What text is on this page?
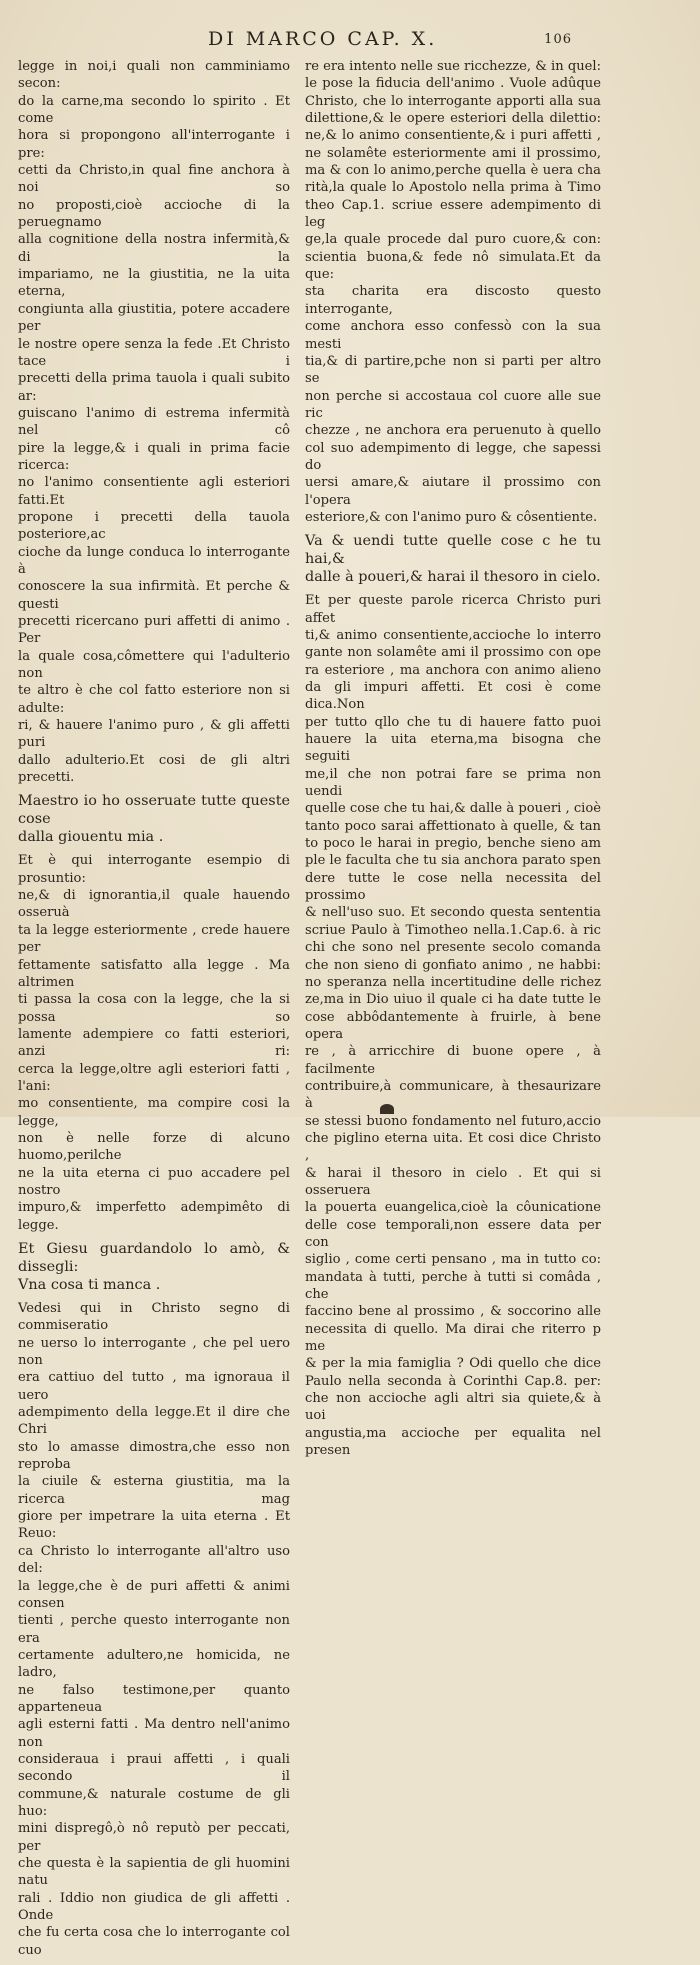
DI MARCO CAP. X.	106

legge in noi,i quali non camminiamo secon:

do la carne,ma secondo lo spirito . Et come

hora si propongono all'interrogante i pre:

cetti da Christo,in qual fine anchora à noi so

no proposti,cioè accioche di la peruegnamo

alla cognitione della nostra infermità,& di la

impariamo, ne la giustitia, ne la uita eterna,

congiunta alla giustitia, potere accadere per

le nostre opere senza la fede .Et Christo tace i

precetti della prima tauola i quali subito ar:

guiscano l'animo di estrema infermità nel cô

pire la legge,& i quali in prima facie ricerca:

no l'animo consentiente agli esteriori fatti.Et

propone i precetti della tauola posteriore,ac

cioche da lunge conduca lo interrogante à

conoscere la sua infirmità. Et perche & questi

precetti ricercano puri affetti di animo . Per

la quale cosa,cômettere qui l'adulterio non

te altro è che col fatto esteriore non si adulte:

ri, & hauere l'animo puro , & gli affetti puri

dallo adulterio.Et cosi de gli altri precetti.

Maestro io ho osseruate tutte queste cose

dalla giouentu mia .

Et è qui interrogante esempio di prosuntio:

ne,& di ignorantia,il quale hauendo osseruà

ta la legge esteriormente , crede hauere per

fettamente satisfatto alla legge . Ma altrimen

ti passa la cosa con la legge, che la si possa so

lamente adempiere co fatti esteriori, anzi ri:

cerca la legge,oltre agli esteriori fatti , l'ani:

mo consentiente, ma compire cosi la legge,

non è nelle forze di alcuno huomo,perilche

ne la uita eterna ci puo accadere pel nostro

impuro,& imperfetto adempimêto di legge.

Et Giesu guardandolo lo amò, & dissegli:

Vna cosa ti manca .

Vedesi qui in Christo segno di commiseratio

ne uerso lo interrogante , che pel uero non

era cattiuo del tutto , ma ignoraua il uero

adempimento della legge.Et il dire che Chri

sto lo amasse dimostra,che esso non reproba

la ciuile & esterna giustitia, ma la ricerca mag

giore per impetrare la uita eterna . Et Reuo:

ca Christo lo interrogante all'altro uso del:

la legge,che è de puri affetti & animi consen

tienti , perche questo interrogante non era

certamente adultero,ne homicida, ne ladro,

ne falso testimone,per quanto apparteneua

agli esterni fatti . Ma dentro nell'animo non

consideraua i praui affetti , i quali secondo il

commune,& naturale costume de gli huo:

mini dispregô,ò nô reputò per peccati, per

che questa è la sapientia de gli huomini natu

rali . Iddio non giudica de gli affetti . Onde

che fu certa cosa che lo interrogante col cuo

re era intento nelle sue ricchezze, & in quel:

le pose la fiducia dell'animo . Vuole adûque

Christo, che lo interrogante apporti alla sua

dilettione,& le opere esteriori della dilettio:

ne,& lo animo consentiente,& i puri affetti ,

ne solamête esteriormente ami il prossimo,

ma & con lo animo,perche quella è uera cha

rità,la quale lo Apostolo nella prima à Timo

theo Cap.1. scriue essere adempimento di leg

ge,la quale procede dal puro cuore,& con:

scientia buona,& fede nô simulata.Et da que:

sta charita era discosto questo interrogante,

come anchora esso confessò con la sua mesti

tia,& di partire,pche non si parti per altro se

non perche si accostaua col cuore alle sue ric

chezze , ne anchora era peruenuto à quello

col suo adempimento di legge, che sapessi do

uersi amare,& aiutare il prossimo con l'opera

esteriore,& con l'animo puro & côsentiente.

Va & uendi tutte quelle cose c he tu hai,&

dalle à poueri,& harai il thesoro in cielo.

Et per queste parole ricerca Christo puri affet

ti,& animo consentiente,accioche lo interro

gante non solamête ami il prossimo con ope

ra esteriore , ma anchora con animo alieno

da gli impuri affetti. Et cosi è come dica.Non

per tutto qllo che tu di hauere fatto puoi

hauere la uita eterna,ma bisogna che seguiti

me,il che non potrai fare se prima non uendi

quelle cose che tu hai,& dalle à poueri , cioè

tanto poco sarai affettionato à quelle, & tan

to poco le harai in pregio, benche sieno am

ple le faculta che tu sia anchora parato spen

dere tutte le cose nella necessita del prossimo

& nell'uso suo. Et secondo questa sententia

scriue Paulo à Timotheo nella.1.Cap.6. à ric

chi che sono nel presente secolo comanda

che non sieno di gonfiato animo , ne habbi:

no speranza nella incertitudine delle richez

ze,ma in Dio uiuo il quale ci ha date tutte le

cose abbôdantemente à fruirle, à bene opera

re , à arricchire di buone opere , à facilmente

contribuire,à communicare, à thesaurizare à

se stessi buono fondamento nel futuro,accio

che piglino eterna uita. Et cosi dice Christo ,

& harai il thesoro in cielo . Et qui si osseruera

la pouerta euangelica,cioè la côunicatione

delle cose temporali,non essere data per con

siglio , come certi pensano , ma in tutto co:

mandata à tutti, perche à tutti si comâda , che

faccino bene al prossimo , & soccorino alle

necessita di quello. Ma dirai che riterro p me

& per la mia famiglia ? Odi quello che dice

Paulo nella seconda à Corinthi Cap.8. per:

che non accioche agli altri sia quiete,& à uoi

angustia,ma accioche per equalita nel presen
